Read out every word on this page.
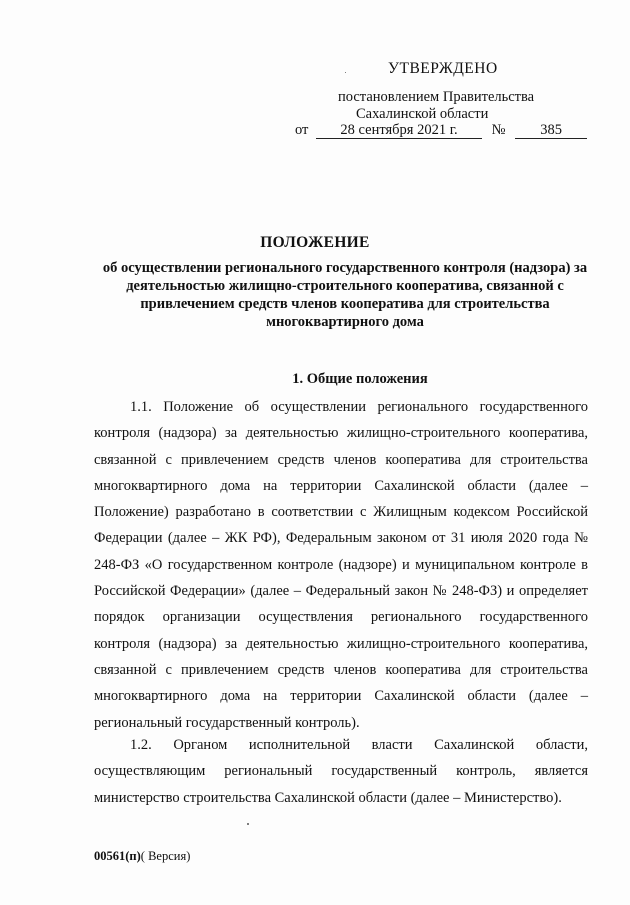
УТВЕРЖДЕНО
постановлением Правительства
Сахалинской области
от 28 сентября 2021 г. № 385
ПОЛОЖЕНИЕ
об осуществлении регионального государственного контроля (надзора) за деятельностью жилищно-строительного кооператива, связанной с привлечением средств членов кооператива для строительства многоквартирного дома
1. Общие положения

1.1. Положение об осуществлении регионального государственного контроля (надзора) за деятельностью жилищно-строительного кооператива, связанной с привлечением средств членов кооператива для строительства многоквартирного дома на территории Сахалинской области (далее – Положение) разработано в соответствии с Жилищным кодексом Российской Федерации (далее – ЖК РФ), Федеральным законом от 31 июля 2020 года № 248-ФЗ «О государственном контроле (надзоре) и муниципальном контроле в Российской Федерации» (далее – Федеральный закон № 248-ФЗ) и определяет порядок организации осуществления регионального государственного контроля (надзора) за деятельностью жилищно-строительного кооператива, связанной с привлечением средств членов кооператива для строительства многоквартирного дома на территории Сахалинской области (далее – региональный государственный контроль).

1.2. Органом исполнительной власти Сахалинской области, осуществляющим региональный государственный контроль, является министерство строительства Сахалинской области (далее – Министерство).

00561(п)( Версия)
